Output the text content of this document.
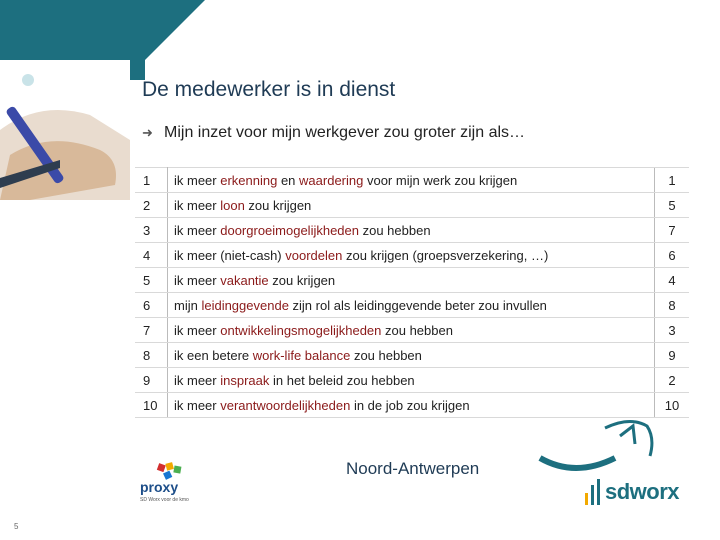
De medewerker is in dienst
➜ Mijn inzet voor mijn werkgever zou groter zijn als…
1	ik meer erkenning en waardering voor mijn werk zou krijgen	1
2	ik meer loon zou krijgen	5
3	ik meer doorgroeimogelijkheden zou hebben	7
4	ik meer (niet-cash) voordelen zou krijgen (groepsverzekering, …)	6
5	ik meer vakantie zou krijgen	4
6	mijn leidinggevende zijn rol als leidinggevende beter zou invullen	8
7	ik meer ontwikkelingsmogelijkheden zou hebben	3
8	ik een betere work-life balance zou hebben	9
9	ik meer inspraak in het beleid zou hebben	2
10	ik meer verantwoordelijkheden in de job zou krijgen	10
proxy
SD Worx voor de kmo
Noord-Antwerpen
sdworx
5
